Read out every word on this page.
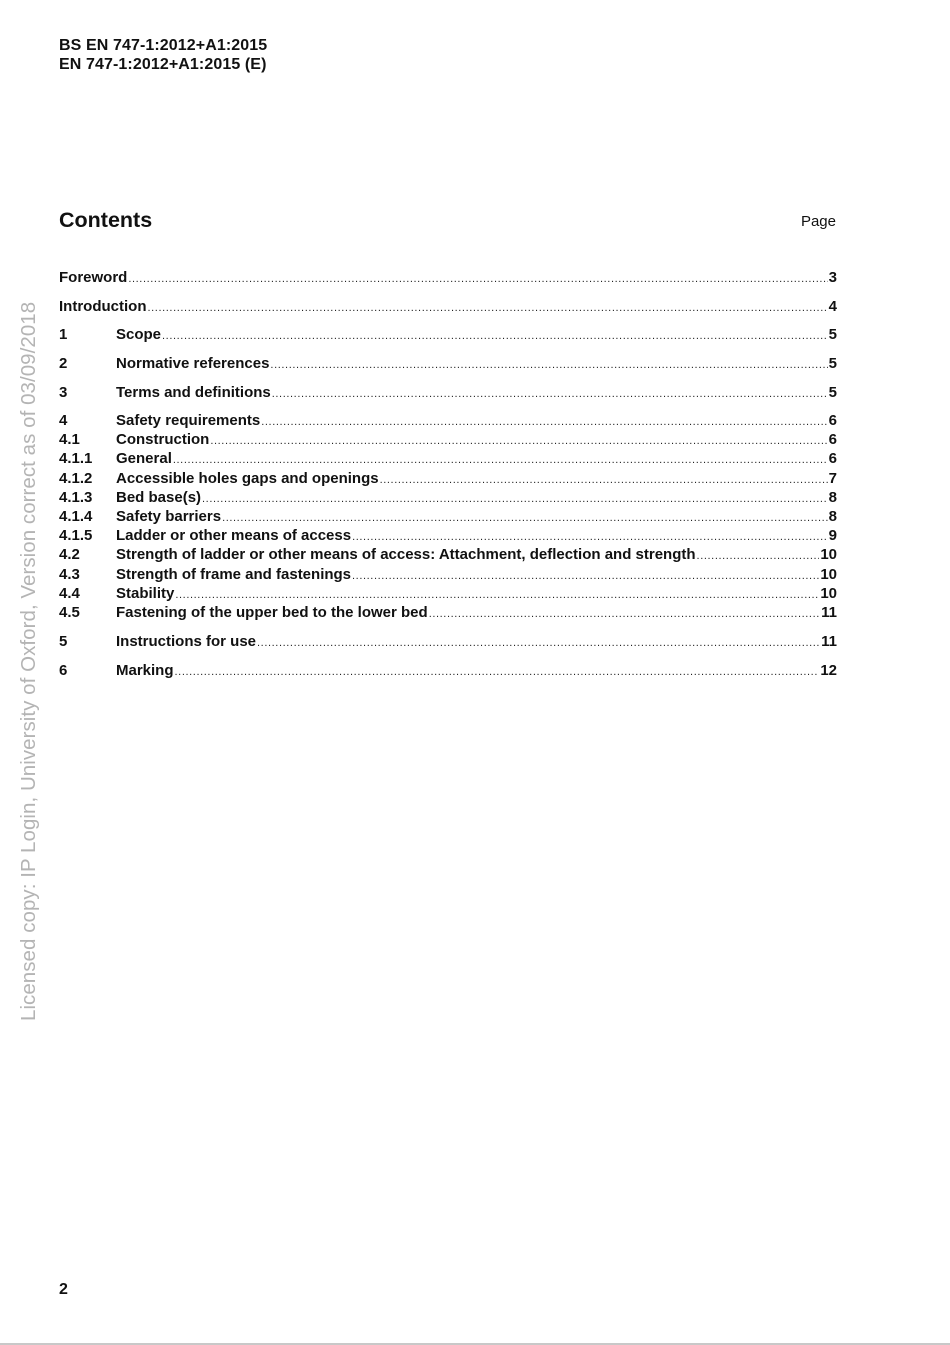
BS EN 747-1:2012+A1:2015
EN 747-1:2012+A1:2015 (E)
Contents	Page
Foreword .....	3
Introduction .....	4
1	Scope .....	5
2	Normative references .....	5
3	Terms and definitions .....	5
4	Safety requirements .....	6
4.1	Construction .....	6
4.1.1	General .....	6
4.1.2	Accessible holes gaps and openings .....	7
4.1.3	Bed base(s) .....	8
4.1.4	Safety barriers .....	8
4.1.5	Ladder or other means of access .....	9
4.2	Strength of ladder or other means of access: Attachment, deflection and strength .....	10
4.3	Strength of frame and fastenings .....	10
4.4	Stability .....	10
4.5	Fastening of the upper bed to the lower bed .....	11
5	Instructions for use .....	11
6	Marking .....	12
2
Licensed copy: IP Login, University of Oxford, Version correct as of 03/09/2018
